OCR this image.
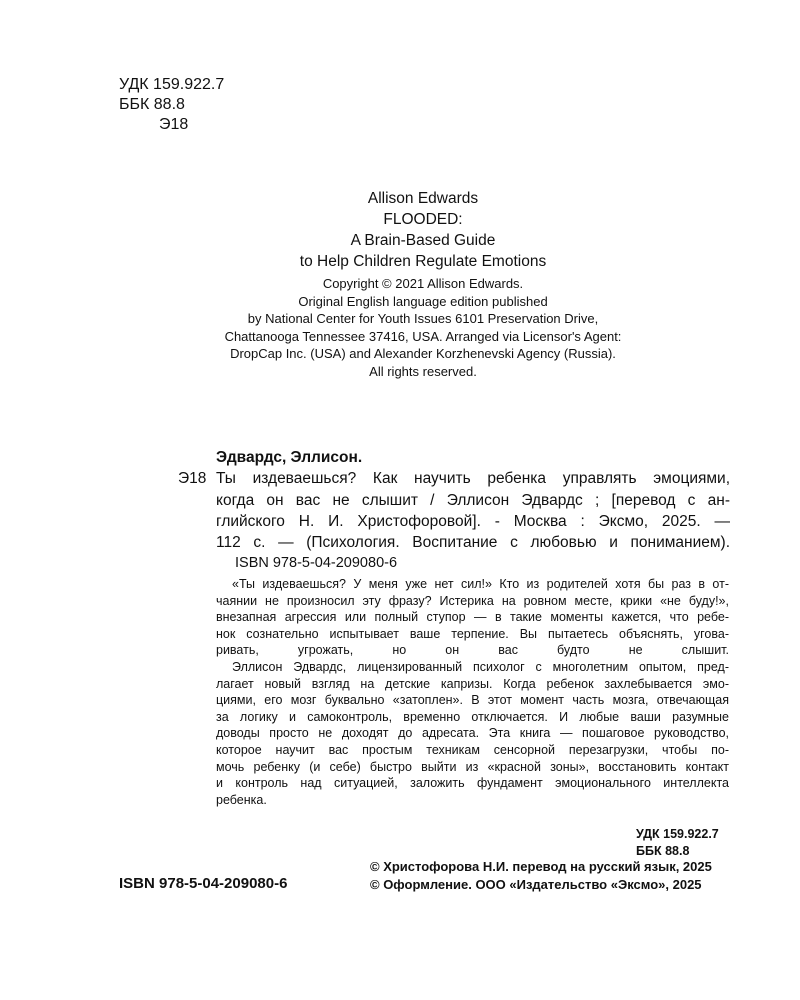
УДК 159.922.7
ББК 88.8
Э18
Allison Edwards
FLOODED:
A Brain-Based Guide
to Help Children Regulate Emotions
Copyright © 2021 Allison Edwards.
Original English language edition published
by National Center for Youth Issues 6101 Preservation Drive,
Chattanooga Tennessee 37416, USA. Arranged via Licensor's Agent:
DropCap Inc. (USA) and Alexander Korzhenevski Agency (Russia).
All rights reserved.
Эдвардс, Эллисон.
Э18 Ты издеваешься? Как научить ребенка управлять эмоциями,
когда он вас не слышит / Эллисон Эдвардс ; [перевод с ан-
глийского Н. И. Христофоровой]. - Москва : Эксмо, 2025. —
112 с. — (Психология. Воспитание с любовью и пониманием).
ISBN 978-5-04-209080-6
«Ты издеваешься? У меня уже нет сил!» Кто из родителей хотя бы раз в от-
чаянии не произносил эту фразу? Истерика на ровном месте, крики «не буду!»,
внезапная агрессия или полный ступор — в такие моменты кажется, что ребе-
нок сознательно испытывает ваше терпение. Вы пытаетесь объяснять, угова-
ривать, угрожать, но он вас будто не слышит.
Эллисон Эдвардс, лицензированный психолог с многолетним опытом, пред-
лагает новый взгляд на детские капризы. Когда ребенок захлебывается эмо-
циями, его мозг буквально «затоплен». В этот момент часть мозга, отвечающая
за логику и самоконтроль, временно отключается. И любые ваши разумные
доводы просто не доходят до адресата. Эта книга — пошаговое руководство,
которое научит вас простым техникам сенсорной перезагрузки, чтобы по-
мочь ребенку (и себе) быстро выйти из «красной зоны», восстановить контакт
и контроль над ситуацией, заложить фундамент эмоционального интеллекта
ребенка.
УДК 159.922.7
ББК 88.8
ISBN 978-5-04-209080-6
© Христофорова Н.И. перевод на русский язык, 2025
© Оформление. ООО «Издательство «Эксмо», 2025
